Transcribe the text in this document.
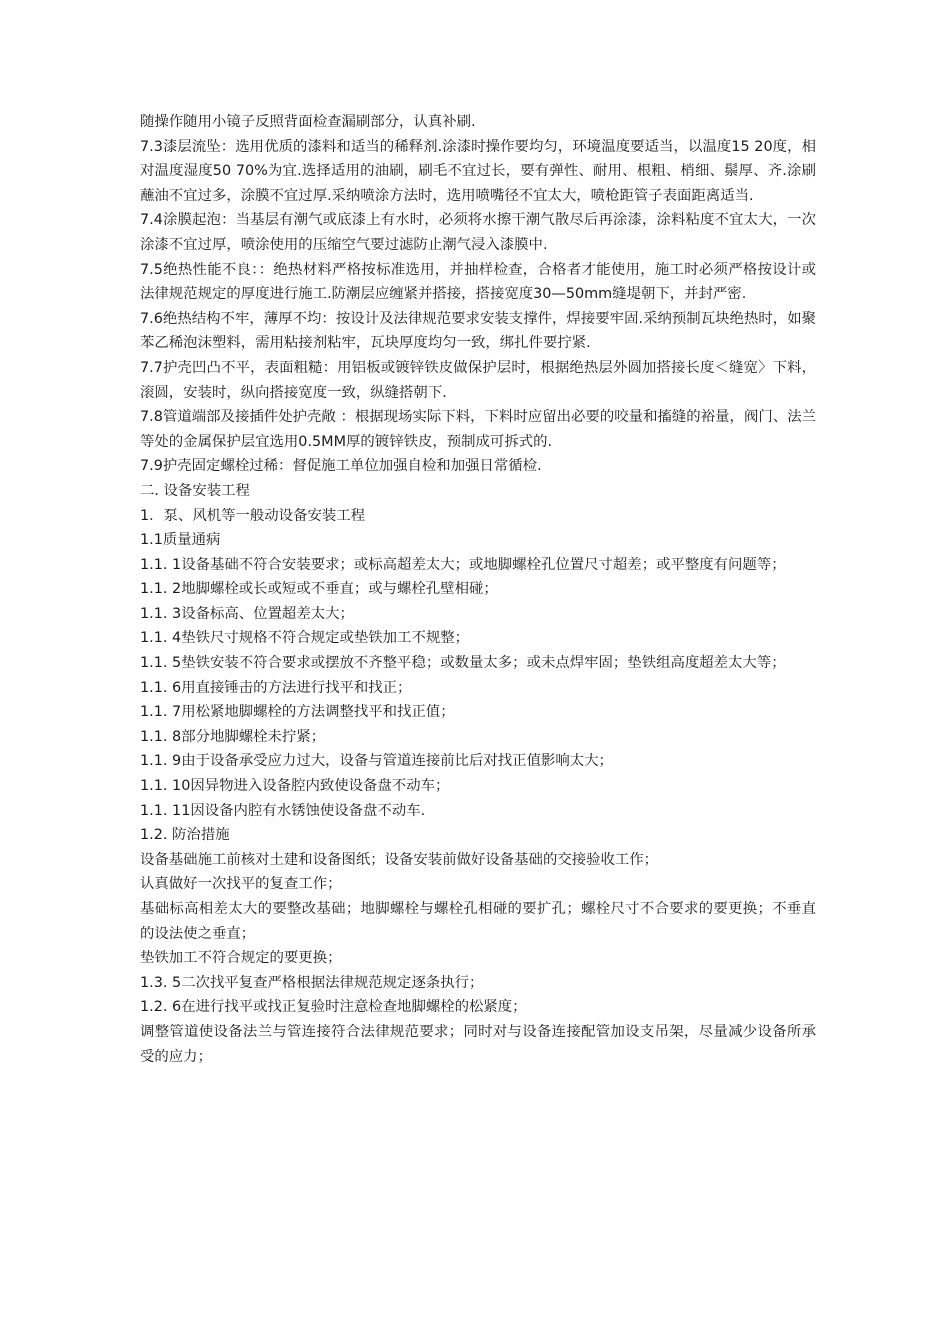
随操作随用小镜子反照背面检查漏刷部分，认真补刷.

7.3漆层流坠：选用优质的漆料和适当的稀释剂.涂漆时操作要均匀，环境温度要适当，以温度15 20度，相对温度湿度50 70%为宜.选择适用的油刷，刷毛不宜过长，要有弹性、耐用、根粗、梢细、鬃厚、齐.涂刷蘸油不宜过多，涂膜不宜过厚.采纳喷涂方法时，选用喷嘴径不宜太大，喷枪距管子表面距离适当.

7.4涂膜起泡：当基层有潮气或底漆上有水时，必须将水擦干潮气散尽后再涂漆，涂料粘度不宜太大，一次涂漆不宜过厚，喷涂使用的压缩空气要过滤防止潮气浸入漆膜中.

7.5绝热性能不良：：绝热材料严格按标准选用，并抽样检查，合格者才能使用，施工时必须严格按设计或法律规范规定的厚度进行施工.防潮层应缠紧并搭接，搭接宽度30—50mm缝堤朝下，并封严密.

7.6绝热结构不牢，薄厚不均：按设计及法律规范要求安装支撑件，焊接要牢固.采纳预制瓦块绝热时，如聚苯乙稀泡沫塑料，需用粘接剂粘牢，瓦块厚度均匀一致，绑扎件要拧紧.

7.7护壳凹凸不平，表面粗糙：用铝板或镀锌铁皮做保护层时，根据绝热层外圆加搭接长度＜缝宽〉下料，滚圆，安装时，纵向搭接宽度一致，纵缝搭朝下.

7.8管道端部及接插件处护壳敞 ：根据现场实际下料，下料时应留出必要的咬量和搐缝的裕量，阀门、法兰等处的金属保护层宜选用0.5MM厚的镀锌铁皮，预制成可拆式的.

7.9护壳固定螺栓过稀：督促施工单位加强自检和加强日常循检.

二. 设备安装工程

1．泵、风机等一般动设备安装工程

1.1质量通病

1.1. 1设备基础不符合安装要求；或标高超差太大；或地脚螺栓孔位置尺寸超差；或平整度有问题等；

1.1. 2地脚螺栓或长或短或不垂直；或与螺栓孔壁相碰；

1.1. 3设备标高、位置超差太大；

1.1. 4垫铁尺寸规格不符合规定或垫铁加工不规整；

1.1. 5垫铁安装不符合要求或摆放不齐整平稳；或数量太多；或未点焊牢固；垫铁组高度超差太大等；

1.1. 6用直接锤击的方法进行找平和找正；

1.1. 7用松紧地脚螺栓的方法调整找平和找正值；

1.1. 8部分地脚螺栓未拧紧；

1.1. 9由于设备承受应力过大，设备与管道连接前比后对找正值影响太大；

1.1. 10因异物进入设备腔内致使设备盘不动车；

1.1. 11因设备内腔有水锈蚀使设备盘不动车.

1.2. 防治措施

设备基础施工前核对土建和设备图纸；设备安装前做好设备基础的交接验收工作；

认真做好一次找平的复查工作；

基础标高相差太大的要整改基础；地脚螺栓与螺栓孔相碰的要扩孔；螺栓尺寸不合要求的要更换；不垂直的设法使之垂直；

垫铁加工不符合规定的要更换；

1.3. 5二次找平复查严格根据法律规范规定逐条执行；

1.2. 6在进行找平或找正复验时注意检查地脚螺栓的松紧度；

调整管道使设备法兰与管连接符合法律规范要求；同时对与设备连接配管加设支吊架，尽量减少设备所承受的应力；
